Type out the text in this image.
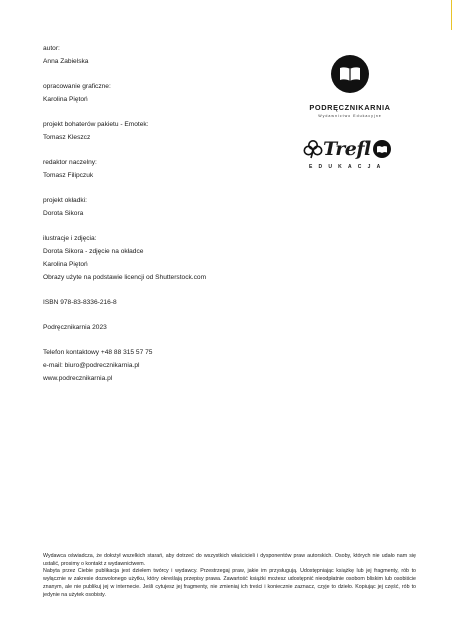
autor:
Anna Zabielska
opracowanie graficzne:
Karolina Piętoń
projekt bohaterów pakietu - Emotek:
Tomasz Kleszcz
redaktor naczelny:
Tomasz Filipczuk
projekt okładki:
Dorota Sikora
ilustracje i zdjęcia:
Dorota Sikora - zdjęcie na okładce
Karolina Piętoń
Obrazy użyte na podstawie licencji od Shutterstock.com
ISBN 978-83-8336-216-8
Podręcznikarnia 2023
Telefon kontaktowy +48 88 315 57 75
e-mail: biuro@podrecznikarnia.pl
www.podrecznikarnia.pl
PODRĘCZNIKARNIA
Wydawnictwo Edukacyjne
Trefl
EDUKACJA

Wydawca oświadcza, że dołożył wszelkich starań, aby dotrzeć do wszystkich właścicieli i dysponentów praw autorskich. Osoby, których nie udało nam się ustalić, prosimy o kontakt z wydawnictwem.

Nabyta przez Ciebie publikacja jest dziełem twórcy i wydawcy. Przestrzegaj praw, jakie im przysługują. Udostępniając książkę lub jej fragmenty, rób to wyłącznie w zakresie dozwolonego użytku, który określają przepisy prawa. Zawartość książki możesz udostępnić nieodpłatnie osobom bliskim lub osobiście znanym, ale nie publikuj jej w internecie. Jeśli cytujesz jej fragmenty, nie zmieniaj ich treści i koniecznie zaznacz, czyje to dzieło. Kopiując jej część, rób to jedynie na użytek osobisty.
